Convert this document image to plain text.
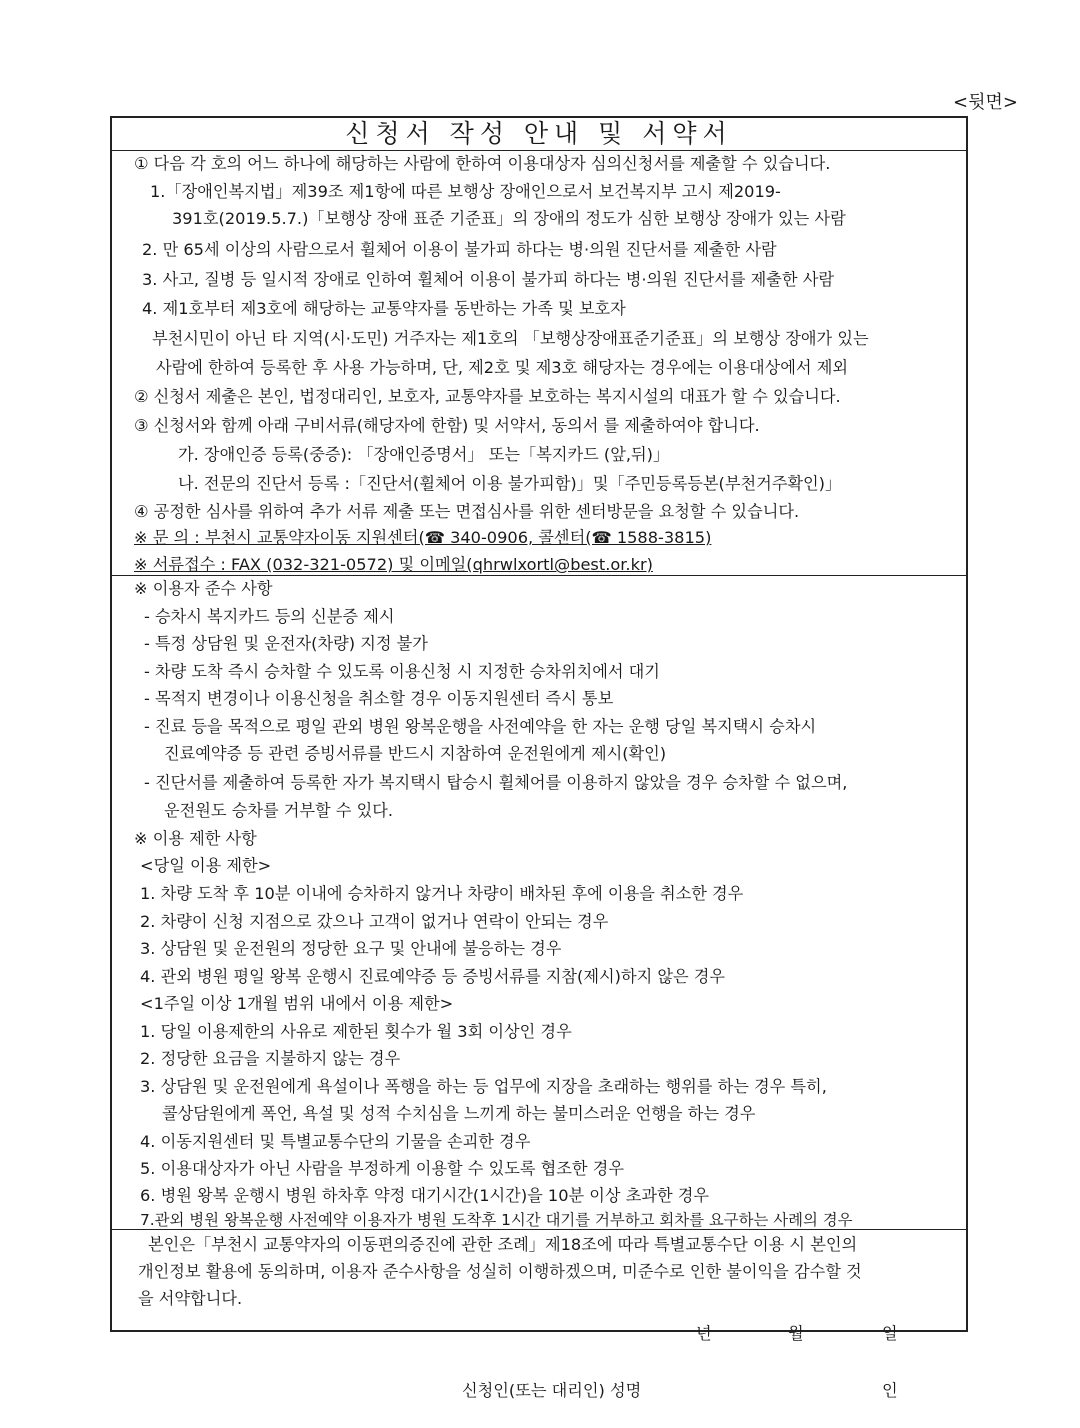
<뒷면>
신청서 작성 안내 및 서약서
① 다음 각 호의 어느 하나에 해당하는 사람에 한하여 이용대상자 심의신청서를 제출할 수 있습니다.
1.「장애인복지법」제39조 제1항에 따른 보행상 장애인으로서 보건복지부 고시 제2019-
391호(2019.5.7.)「보행상 장애 표준 기준표」의 장애의 정도가 심한 보행상 장애가 있는 사람
2. 만 65세 이상의 사람으로서 휠체어 이용이 불가피 하다는 병·의원 진단서를 제출한 사람
3. 사고, 질병 등 일시적 장애로 인하여 휠체어 이용이 불가피 하다는 병·의원 진단서를 제출한 사람
4. 제1호부터 제3호에 해당하는 교통약자를 동반하는 가족 및 보호자
부천시민이 아닌 타 지역(시·도민) 거주자는 제1호의 「보행상장애표준기준표」의 보행상 장애가 있는
사람에 한하여 등록한 후 사용 가능하며, 단, 제2호 및 제3호 해당자는 경우에는 이용대상에서 제외
② 신청서 제출은 본인, 법정대리인, 보호자, 교통약자를 보호하는 복지시설의 대표가 할 수 있습니다.
③ 신청서와 함께 아래 구비서류(해당자에 한함) 및 서약서, 동의서 를 제출하여야 합니다.
가. 장애인증 등록(중증): 「장애인증명서」 또는「복지카드 (앞,뒤)」
나. 전문의 진단서 등록 :「진단서(휠체어 이용 불가피함)」및「주민등록등본(부천거주확인)」
④ 공정한 심사를 위하여 추가 서류 제출 또는 면접심사를 위한 센터방문을 요청할 수 있습니다.
※ 문 의 : 부천시 교통약자이동 지원센터(☎ 340-0906, 콜센터(☎ 1588-3815)
※ 서류접수 : FAX (032-321-0572) 및 이메일(qhrwlxortl@best.or.kr)
※ 이용자 준수 사항
- 승차시 복지카드 등의 신분증 제시
- 특정 상담원 및 운전자(차량) 지정 불가
- 차량 도착 즉시 승차할 수 있도록 이용신청 시 지정한 승차위치에서 대기
- 목적지 변경이나 이용신청을 취소할 경우 이동지원센터 즉시 통보
- 진료 등을 목적으로 평일 관외 병원 왕복운행을 사전예약을 한 자는 운행 당일 복지택시 승차시
진료예약증 등 관련 증빙서류를 반드시 지참하여 운전원에게 제시(확인)
- 진단서를 제출하여 등록한 자가 복지택시 탑승시 휠체어를 이용하지 않았을 경우 승차할 수 없으며,
운전원도 승차를 거부할 수 있다.
※ 이용 제한 사항
<당일 이용 제한>
1. 차량 도착 후 10분 이내에 승차하지 않거나 차량이 배차된 후에 이용을 취소한 경우
2. 차량이 신청 지점으로 갔으나 고객이 없거나 연락이 안되는 경우
3. 상담원 및 운전원의 정당한 요구 및 안내에 불응하는 경우
4. 관외 병원 평일 왕복 운행시 진료예약증 등 증빙서류를 지참(제시)하지 않은 경우
<1주일 이상 1개월 범위 내에서 이용 제한>
1. 당일 이용제한의 사유로 제한된 횟수가 월 3회 이상인 경우
2. 정당한 요금을 지불하지 않는 경우
3. 상담원 및 운전원에게 욕설이나 폭행을 하는 등 업무에 지장을 초래하는 행위를 하는 경우 특히,
콜상담원에게 폭언, 욕설 및 성적 수치심을 느끼게 하는 불미스러운 언행을 하는 경우
4. 이동지원센터 및 특별교통수단의 기물을 손괴한 경우
5. 이용대상자가 아닌 사람을 부정하게 이용할 수 있도록 협조한 경우
6. 병원 왕복 운행시 병원 하차후 약정 대기시간(1시간)을 10분 이상 초과한 경우
7.관외 병원 왕복운행 사전예약 이용자가 병원 도착후 1시간 대기를 거부하고 회차를 요구하는 사례의 경우
본인은「부천시 교통약자의 이동편의증진에 관한 조례」제18조에 따라 특별교통수단 이용 시 본인의
개인정보 활용에 동의하며, 이용자 준수사항을 성실히 이행하겠으며, 미준수로 인한 불이익을 감수할 것
을 서약합니다.
년	월	일
신청인(또는 대리인) 성명	인
